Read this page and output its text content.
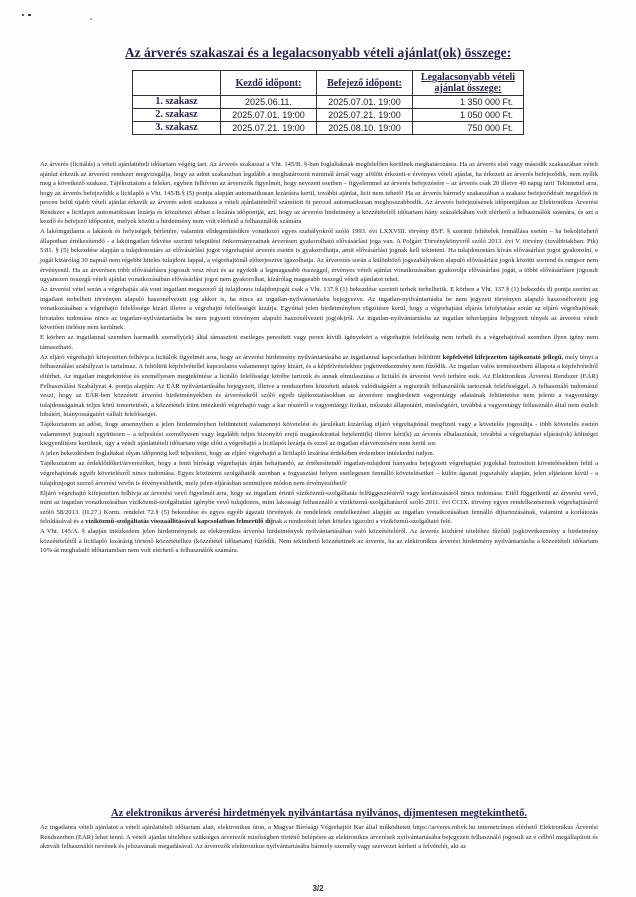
Az árverés szakaszai és a legalacsonyabb vételi ajánlat(ok) összege:
	Kezdő időpont:	Befejező időpont:	Legalacsonyabb vételi ajánlat összege:
1. szakasz	2025.06.11.	2025.07.01. 19:00	1 350 000 Ft.
2. szakasz	2025.07.01. 19:00	2025.07.21. 19:00	1 050 000 Ft.
3. szakasz	2025.07.21. 19:00	2025.08.10. 19:00	750 000 Ft.

Az árverés (licitálás) a vételi ajánlattételi időtartam végéig tart. Az árverés szakaszai a Vht. 145/B. §-ban foglaltaknak megfelelően kerülnek meghatározásra. Ha az árverés első vagy második szakaszában vételi ajánlat érkezik az árverési rendszer megvizsgálja, hogy az adott szakaszban legalább a meghatározott minimál árnál vagy afölött érkezett-e érvényes vételi ajánlat, ha érkezett az árverés befejeződik, nem nyílik meg a következő szakasz. Tájékoztatom a feleket, egyben felhívom az árverezők figyelmét, hogy nevezett esetben – figyelemmel az árverés befejezésére – az árverés csak 20 illetve 40 napig tart! Tekintettel arra, hogy az árverés befejeződik a licitlapló a Vht. 145/B.§ (5) pontja alapján automatikusan lezárásra kerül, további ajánlat, licit nem tehető! Ha az árverés bármely szakaszában a szakasz befejeződését megelőző öt percen belül újabb vételi ajánlat érkezik az árverés adott szakasza a vételi ajánlattételtől számított öt perccel automatikusan meghosszabbodik. Az árverés befejezésének időpontjában az Elektronikus Árverési Rendszer a licitlapot automatikusan lezárja és közzéteszi abban a lezárás időpontját, azt, hogy az árverési hirdetmény a közzétételtől időtartam hány százalékában volt elérhető a felhasználók számára, és azt a kezdő és befejező időpontot, melyek között a hirdetmény nem volt elérhető a felhasználók számára

A lakóingatlanra a lakások és helyiségek bérletére, valamint elidegenítésükre vonatkozó egyes szabályokról szóló 1993. évi LXXVIII. törvény 85/F. § szerinti feltételek fennállása esetén – ha bekoltözhető állapotban értékesítendő - a lakóingatlan fekvése szerinti települési önkormányzatnak árverésen gyakorolható elővásárlási joga van. A Polgári Törvénykönyvről szóló 2013. évi V. törvény (továbbiakban: Ptk) 5:81. § (5) bekezdése alapján a tulajdonostárs az elővásárlási jogot végrehajtási árverés esetén is gyakorolhatja, amit elővásárlási jognak kell tekinteni. Ha tulajdonostárs kíván elővásárlási jogot gyakorolni, e jogát kizárólag 30 napnál nem régebbi hiteles tulajdoni lappal, a végrehajtónál előterjesztve igazolhatja. Az árverezés során a különböző jogszabályokon alapuló elővásárlási jogok közötti sorrend és rangsor nem érvényesül. Ha az árverésen több elővásárlásra jogosult vesz részt és az egyikük a legmagasabb összeggel, érvényes vételi ajánlat vonatkozásában gyakorolja elővásárlási jogát, a többi elővásárlásre jogosult ugyanezen összegű vételi ajánlat vonatkozásában elővásárlási jogot nem gyakorolhat, kizárólag magasabb összegű vételi ajánlatot tehet.

Az árverési vétel során a végrehajtás alá vont ingatlant megszerző új tulajdonos tulajdonjogát csak a Vht. 137.§ (1) bekezdése szerinti terhek terhelhetik. E körben a Vht. 137.§ (1) bekezdés d) pontja szerint az ingatlant terhelheti törvényen alapuló haszonélvezeti jog akkor is, ha nincs az ingatlan-nyilvántartásba bejegyezve. Az ingatlan-nyilvántartásba be nem jegyzett törvényen alapuló haszonélvezeti jog vonatkozásában a végrehajtó felelőssége kizárt illetve a végrehajtó felelősségét kizárja. Egyúttal jelen hirdetményben rögzítésre kerül, hogy a végrehajtási eljárás lefolytatása során az eljáró végrehajtónak hivatalos tudomása nincs az ingatlan-nyilvántartásba be nem jegyzett törvényen alapuló haszonélvezeti jog(ok)ról. Az ingatlan-nyilvántartásba az ingatlan teherlapjára feljegyzett tények az árverési vételt követően törlésre nem kerülnek.

E körben az ingatlannal szemben harmadik személy(ek) által támasztott esetleges peresített vagy peren kívüli igényekért a végrehajtót felelősség nem terheli és a végrehajtóval szemben ilyen igény nem támasztható.

Az eljáró végrehajtó kifejezetten felhívja a licitálók figyelmét arra, hogy az árverési hirdetmény nyilvántartásába az ingatlannal kapcsolatban feltöltött képfelvétel kifejezetten tájékoztató jellegű, mely tényt a felhasználási szabályzat is tartalmaz. A feltöltött képfelvétellel kapcsolatos valamennyi igény kizárt, és a képfelvételekhez jogkövetkezmény nem fűződik. Az ingatlan valós természetbeni állapota a képfelvételtől eltérhet. Az ingatlan megtekintése és személyesen megtekintése a licitáló felelőssége körébe tartozik és annak elmulasztása a licitáló és árverési vevő terhére esik. Az Elektronikus Árverési Rendszer (EÁR) Felhasználási Szabályzat 4. pontja alapján: Az EÁR nyilvántartásába bejegyzett, illetve a rendszerben közzétett adatok valódiságáért a regisztrált felhasználók tartoznak felelősséggel. A felhasználó tudomásul veszi, hogy az EÁR-ben közzétett árverési hirdetményekben és árverésekről szóló egyéb tájékoztatásokban az árverésre meghirdetett vagyontárgy adatainak feltüntetése nem jelenti a vagyontárgy tulajdonságainak teljes körű ismertetését, a közzétételt írünt intézkedő végrehajtó vagy a kar részéről a vagyontárgy fizikai, műszaki állapotáért, minőségéért, továbbá a vagyontárgy felhasználó által nem észlelt hibáiért, hiányosságaiért vállalt felelősséget.

Tájékoztatom az adóst, hogy amennyiben a jelen hirdetményben feltüntetett valamennyi követelést és járulékait kizárólag eljáró végrehajtónál megfizeti vagy a követelés jogosultja - több követelés esetén valamennyi jogosult együttesen – a teljesítést személyesen vagy legalább teljes bizonyító erejű magánokirattal bejelenti(k) illetve kéri(k) az árverés elhalasztását, továbbá a végrehajtási eljárás(ok) költségei kiegyenlítésre kerülnek, úgy a vételi ajánlattételi időtartam vége előtt a végrehajtó a licitlapót lezárja és ezzel az ingatlan elárverezésére nem kerül sor.

A jelen bekezdésben foglaltakat olyan időpontig kell teljesíteni, hogy az eljáró végrehajtó a licitlapló lezárása érdekében érdemben intézkedni tudjon.

Tájékoztatom az érdeklődőket/árverezőket, hogy a fenti bírósági végrehajtás útján behajtandó, az értékesítendő ingatlan-tulajdoni hányadra bejegyzett végrehajtási jogokkal biztosított követelésekben felül a végrehajtónak egyéb követelésről nincs tudomása. Egyes közüzemi szolgáltatók azonban a fogyasztási helyen esetlegesen fennálló követeléseiket – külön ágazati jogszabály alapján, jelen eljáráson kívül - a tulajdonjogot szerző árverési vevőn is érvényesíthetik, mely jelen eljárásban semmilyen módon nem érvényesíthető!

Eljáró végrehajtó kifejezetten felhívja az árverési vevő figyelmét arra, hogy az ingatlant érintő víziközmű-szolgáltatás felfüggesztéséről vagy korlátozásáról nincs tudomása. Ettől függetlenül az árverési vevő, mint az ingatlan vonatkozásában víziközmű-szolgáltatást igénybe vevő tulajdonos, mint lakossági felhasználó a víziközmű-szolgáltatásról szóló 2011. évi CCIX. törvény egyes rendelkezéseinek végrehajtásáról szóló 58/2013. (II.27.) Korm. rendelet 72.§ (5) bekezdése és egyes egyéb ágazati törvények és rendeletek rendelkezései alapján az ingatlan vonatkozásában fennálló díjtartozásának, valamint a korlátozás feloldásával és a víziközmű-szolgáltatás visszaállításával kapcsolatban felmerülő díjnak a rendezését lehet köteles igazolni a víziközmű-szolgáltató felé.

A Vht. 145/A. § alapján intézkedem jelen hirdetménynek az elektronikus árverési hirdetmények nyilvántartásában való közzétételéről. Az árverés közhírré tételéhez fűződő jogkövetkezmény a hirdetmény közzétételétől a licitlapló lezárásig történő közzétételhez (közzététel időtartam) fűződik. Nem tekinthető közzétettnek az árverés, ha az elektronikus árverési hirdetmény nyilvántartásba a közzétételi időtartam 10%-át meghaladó időtartamban nem volt elérhető a felhasználók számára.

Az elektronikus árverési hirdetmények nyilvántartása nyilvános, díjmentesen megtekinthető.

Az ingatlanra vételi ajánlatot a vételi ajánlattételi időtartam alatt, elektronikus úton, a Magyar Bírósági Végrehajtói Kar által működtetett https://arveres.mbvk.hu internetcímen elérhető Elektronikus Árverési Rendszerben (EÁR) lehet tenni. A vételi ajánlat tételéhez szükséges árverezői minőségben történő belépésre az elektronikus árverések nyilvántartásába bejegyzett felhasználó jogosult az e célból megállapított és aktivált felhasználói nevének és jelszavának megadásával. Az árverezők elektronikus nyilvántartásába bármely személy vagy szervezet kérheti a felvételét, aki az

3/2
